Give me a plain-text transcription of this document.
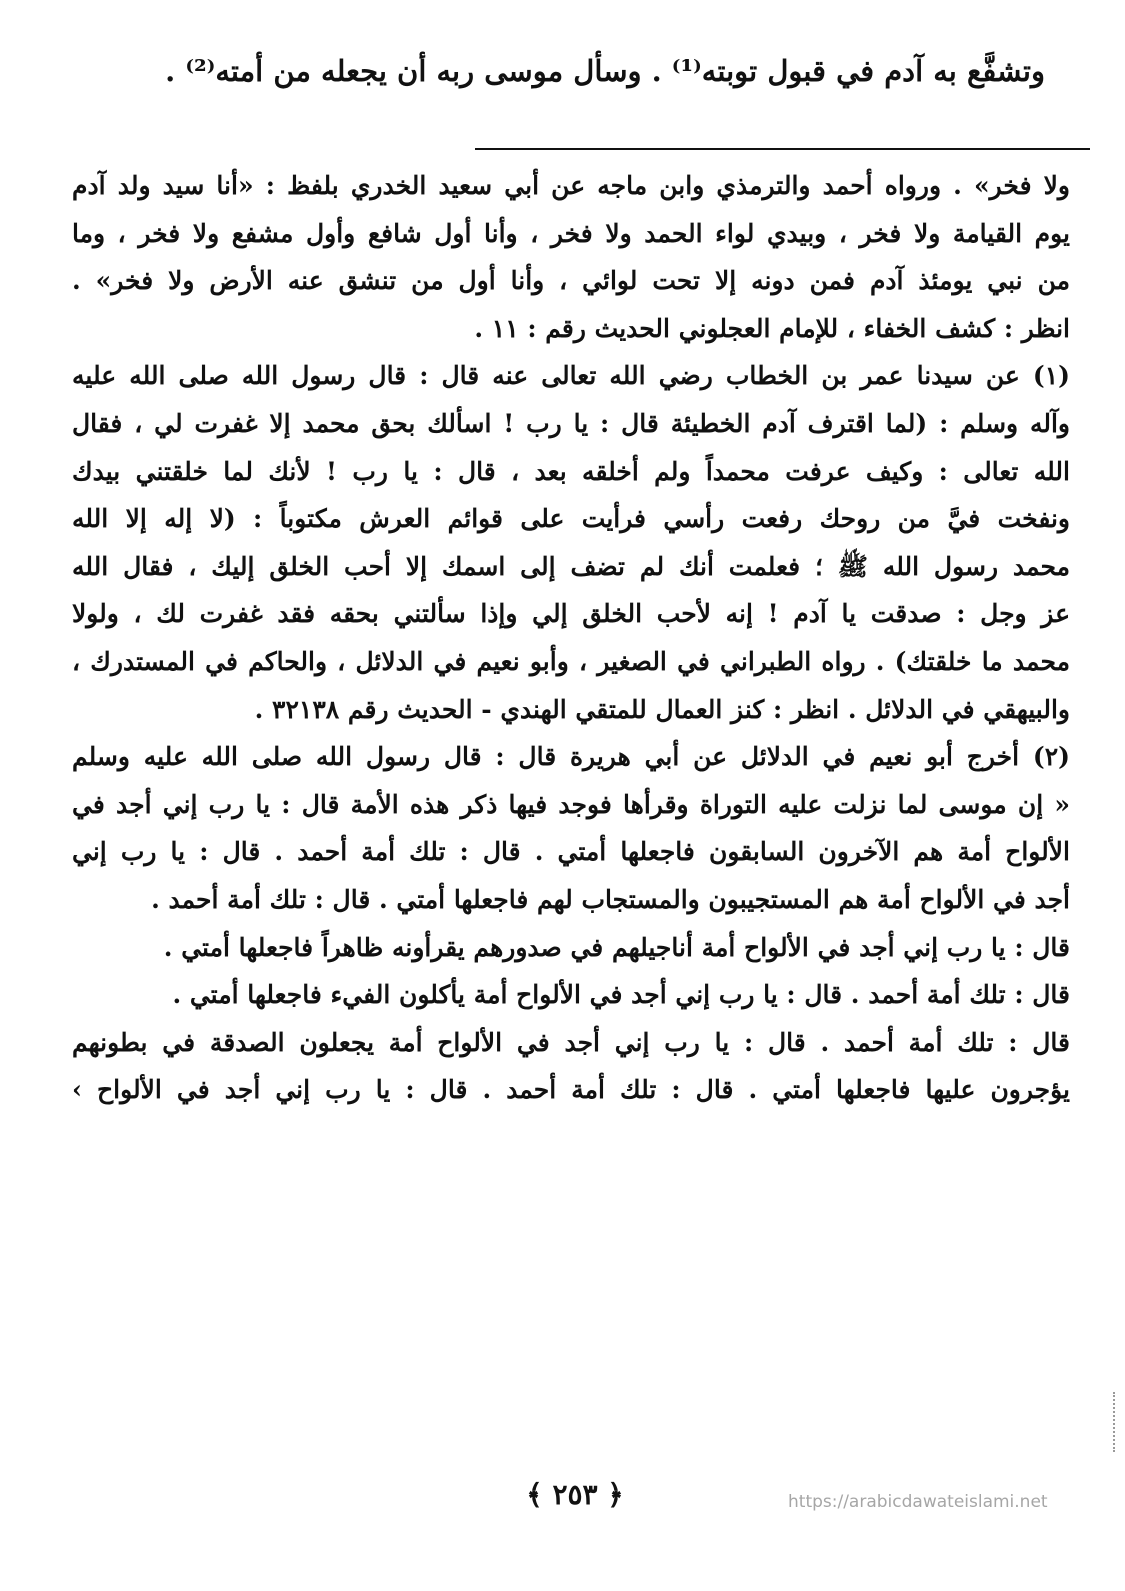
وتشفَّع به آدم في قبول توبته⁽¹⁾ . وسأل موسى ربه أن يجعله من أمته⁽²⁾ .
ولا فخر» . ورواه أحمد والترمذي وابن ماجه عن أبي سعيد الخدري بلفظ : «أنا سيد ولد آدم
يوم القيامة ولا فخر ، وبيدي لواء الحمد ولا فخر ، وأنا أول شافع وأول مشفع ولا فخر ، وما
من نبي يومئذ آدم فمن دونه إلا تحت لوائي ، وأنا أول من تنشق عنه الأرض ولا فخر» .
انظر : كشف الخفاء ، للإمام العجلوني الحديث رقم : ١١ .
(١) عن سيدنا عمر بن الخطاب رضي الله تعالى عنه قال : قال رسول الله صلى الله عليه
وآله وسلم : (لما اقترف آدم الخطيئة قال : يا رب ! اسألك بحق محمد إلا غفرت لي ، فقال
الله تعالى : وكيف عرفت محمداً ولم أخلقه بعد ، قال : يا رب ! لأنك لما خلقتني بيدك
ونفخت فيَّ من روحك رفعت رأسي فرأيت على قوائم العرش مكتوباً : (لا إله إلا الله
محمد رسول الله ﷺ ؛ فعلمت أنك لم تضف إلى اسمك إلا أحب الخلق إليك ، فقال الله
عز وجل : صدقت يا آدم ! إنه لأحب الخلق إلي وإذا سألتني بحقه فقد غفرت لك ، ولولا
محمد ما خلقتك) . رواه الطبراني في الصغير ، وأبو نعيم في الدلائل ، والحاكم في المستدرك ،
والبيهقي في الدلائل . انظر : كنز العمال للمتقي الهندي - الحديث رقم ٣٢١٣٨ .
(٢) أخرج أبو نعيم في الدلائل عن أبي هريرة قال : قال رسول الله صلى الله عليه وسلم
« إن موسى لما نزلت عليه التوراة وقرأها فوجد فيها ذكر هذه الأمة قال : يا رب إني أجد في
الألواح أمة هم الآخرون السابقون فاجعلها أمتي . قال : تلك أمة أحمد . قال : يا رب إني
أجد في الألواح أمة هم المستجيبون والمستجاب لهم فاجعلها أمتي . قال : تلك أمة أحمد .
قال : يا رب إني أجد في الألواح أمة أناجيلهم في صدورهم يقرأونه ظاهراً فاجعلها أمتي .
قال : تلك أمة أحمد . قال : يا رب إني أجد في الألواح أمة يأكلون الفيء فاجعلها أمتي .
قال : تلك أمة أحمد . قال : يا رب إني أجد في الألواح أمة يجعلون الصدقة في بطونهم
يؤجرون عليها فاجعلها أمتي . قال : تلك أمة أحمد . قال : يا رب إني أجد في الألواح ›
﴿ ٢٥٣ ﴾	https://arabicdawateislami.net
